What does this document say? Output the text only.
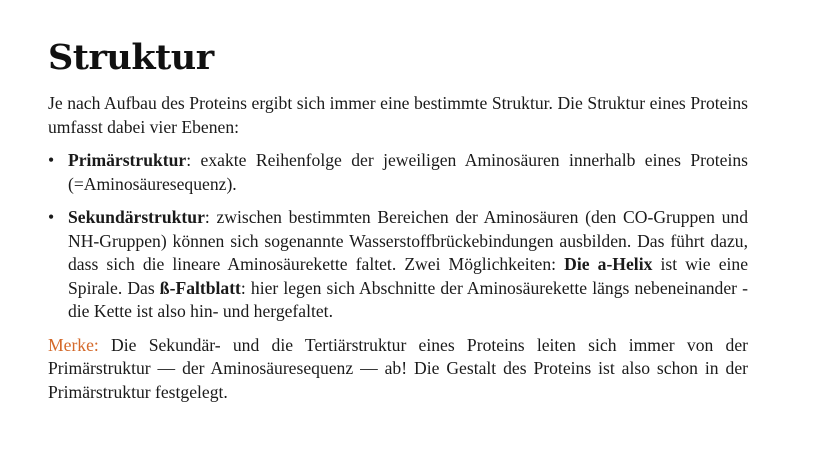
Struktur

Je nach Aufbau des Proteins ergibt sich immer eine bestimmte Struktur. Die Struktur eines Proteins umfasst dabei vier Ebenen:

• Primärstruktur: exakte Reihenfolge der jeweiligen Aminosäuren innerhalb eines Proteins (=Aminosäuresequenz).
• Sekundärstruktur: zwischen bestimmten Bereichen der Aminosäuren (den CO-Gruppen und NH-Gruppen) können sich sogenannte Wasserstoffbrückebindungen ausbilden. Das führt dazu, dass sich die lineare Aminosäurekette faltet. Zwei Möglichkeiten: Die a-Helix ist wie eine Spirale. Das ß-Faltblatt: hier legen sich Abschnitte der Aminosäurekette längs nebeneinander - die Kette ist also hin- und hergefaltet.

Merke: Die Sekundär- und die Tertiärstruktur eines Proteins leiten sich immer von der Primärstruktur — der Aminosäuresequenz — ab! Die Gestalt des Proteins ist also schon in der Primärstruktur festgelegt.
